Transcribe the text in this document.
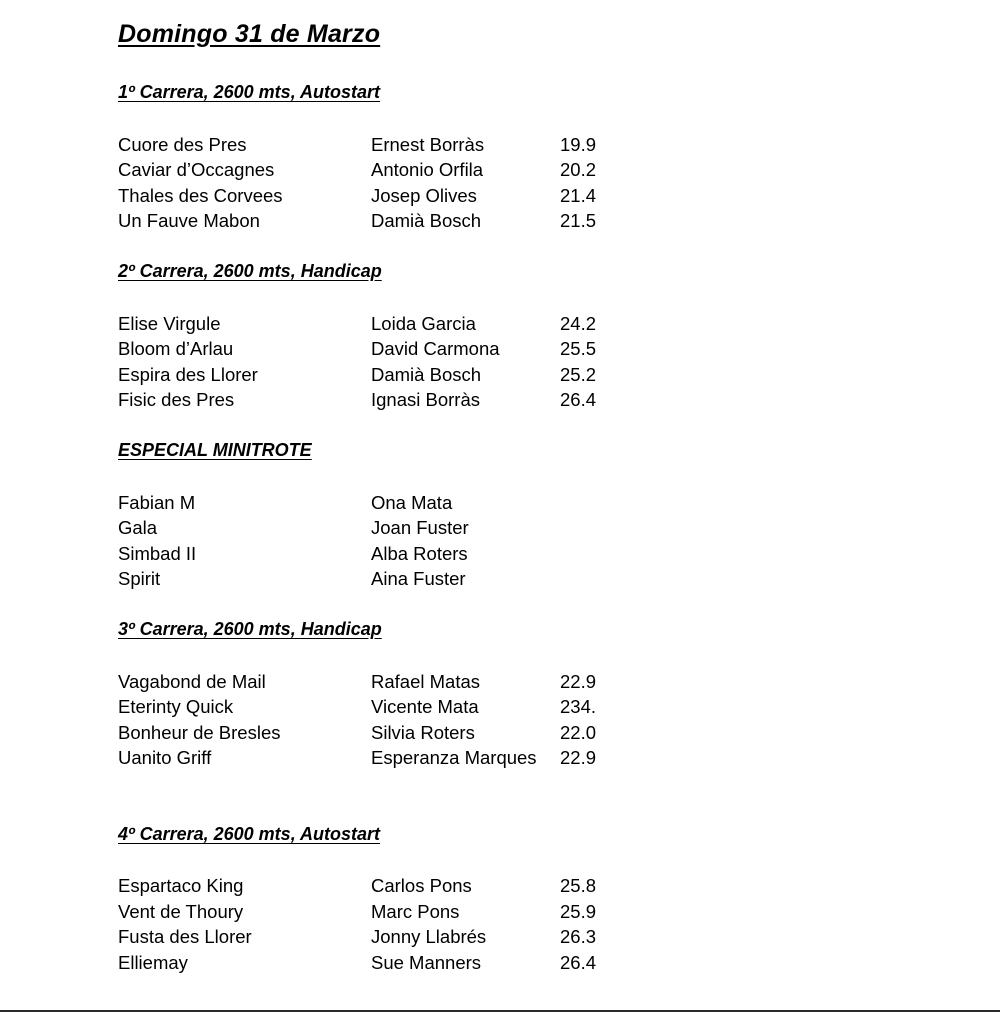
Domingo 31 de Marzo
1º Carrera, 2600 mts, Autostart
Cuore des Pres	Ernest Borràs	19.9
Caviar d’Occagnes	Antonio Orfila	20.2
Thales des Corvees	Josep Olives	21.4
Un Fauve Mabon	Damià Bosch	21.5
2º Carrera, 2600 mts, Handicap
Elise Virgule	Loida Garcia	24.2
Bloom d’Arlau	David Carmona	25.5
Espira des Llorer	Damià Bosch	25.2
Fisic des Pres	Ignasi Borràs	26.4
ESPECIAL MINITROTE
Fabian M	Ona Mata
Gala	Joan Fuster
Simbad II	Alba Roters
Spirit	Aina Fuster
3º Carrera, 2600 mts, Handicap
Vagabond de Mail	Rafael Matas	22.9
Eterinty Quick	Vicente Mata	234.
Bonheur de Bresles	Silvia Roters	22.0
Uanito Griff	Esperanza Marques 22.9
4º Carrera, 2600 mts, Autostart
Espartaco King	Carlos Pons	25.8
Vent de Thoury	Marc Pons	25.9
Fusta des Llorer	Jonny Llabrés	26.3
Elliemay	Sue Manners	26.4
